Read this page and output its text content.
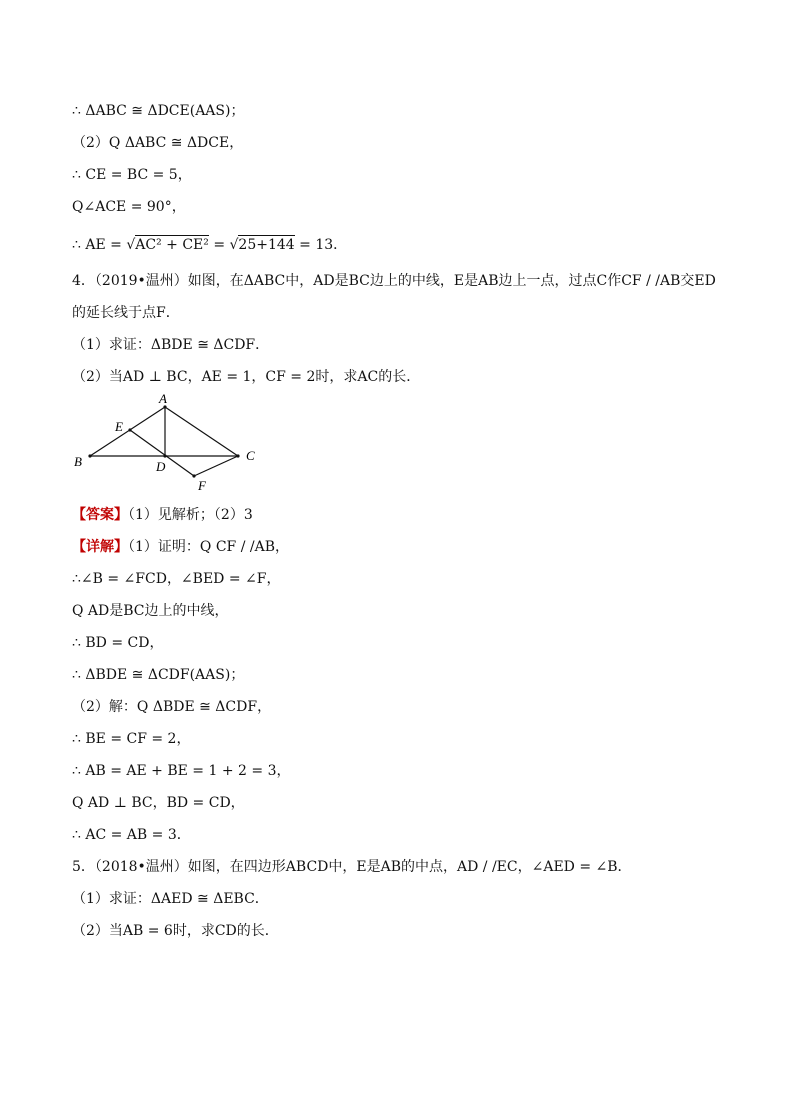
∴ ΔABC ≅ ΔDCE(AAS)；
（2）Q ΔABC ≅ ΔDCE，
∴ CE = BC = 5，
Q∠ACE = 90°，
∴ AE = √AC² + CE² = √25+144 = 13．
4．（2019•温州）如图，在ΔABC中，AD是BC边上的中线，E是AB边上一点，过点C作CF / /AB交ED
的延长线于点F．
（1）求证：ΔBDE ≅ ΔCDF．
（2）当AD ⊥ BC，AE = 1，CF = 2时，求AC的长．
A
B	C
D
E
F
【答案】（1）见解析；（2）3
【详解】（1）证明：Q CF / /AB，
∴∠B = ∠FCD，∠BED = ∠F，
Q AD是BC边上的中线，
∴ BD = CD，
∴ ΔBDE ≅ ΔCDF(AAS)；
（2）解：Q ΔBDE ≅ ΔCDF，
∴ BE = CF = 2，
∴ AB = AE + BE = 1 + 2 = 3，
Q AD ⊥ BC，BD = CD，
∴ AC = AB = 3．
5．（2018•温州）如图，在四边形ABCD中，E是AB的中点，AD / /EC，∠AED = ∠B．
（1）求证：ΔAED ≅ ΔEBC．
（2）当AB = 6时，求CD的长．
